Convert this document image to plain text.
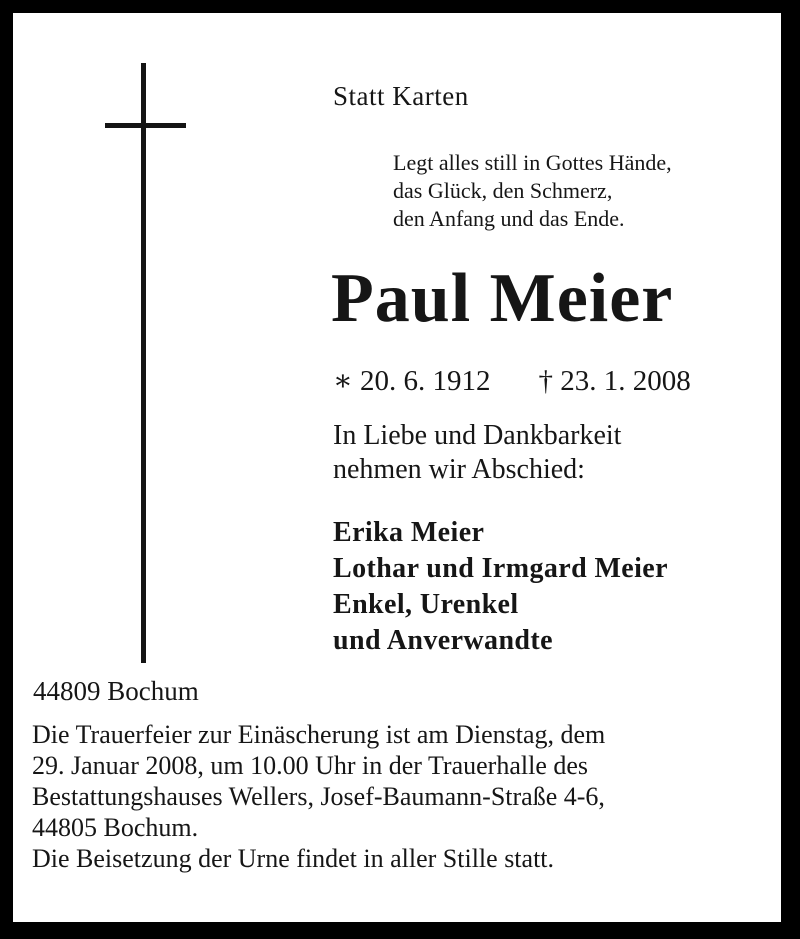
Statt Karten
Legt alles still in Gottes Hände,
das Glück, den Schmerz,
den Anfang und das Ende.
Paul Meier
∗ 20. 6. 1912 † 23. 1. 2008
In Liebe und Dankbarkeit
nehmen wir Abschied:
Erika Meier
Lothar und Irmgard Meier
Enkel, Urenkel
und Anverwandte
44809 Bochum
Die Trauerfeier zur Einäscherung ist am Dienstag, dem
29. Januar 2008, um 10.00 Uhr in der Trauerhalle des
Bestattungshauses Wellers, Josef-Baumann-Straße 4-6,
44805 Bochum.
Die Beisetzung der Urne findet in aller Stille statt.
